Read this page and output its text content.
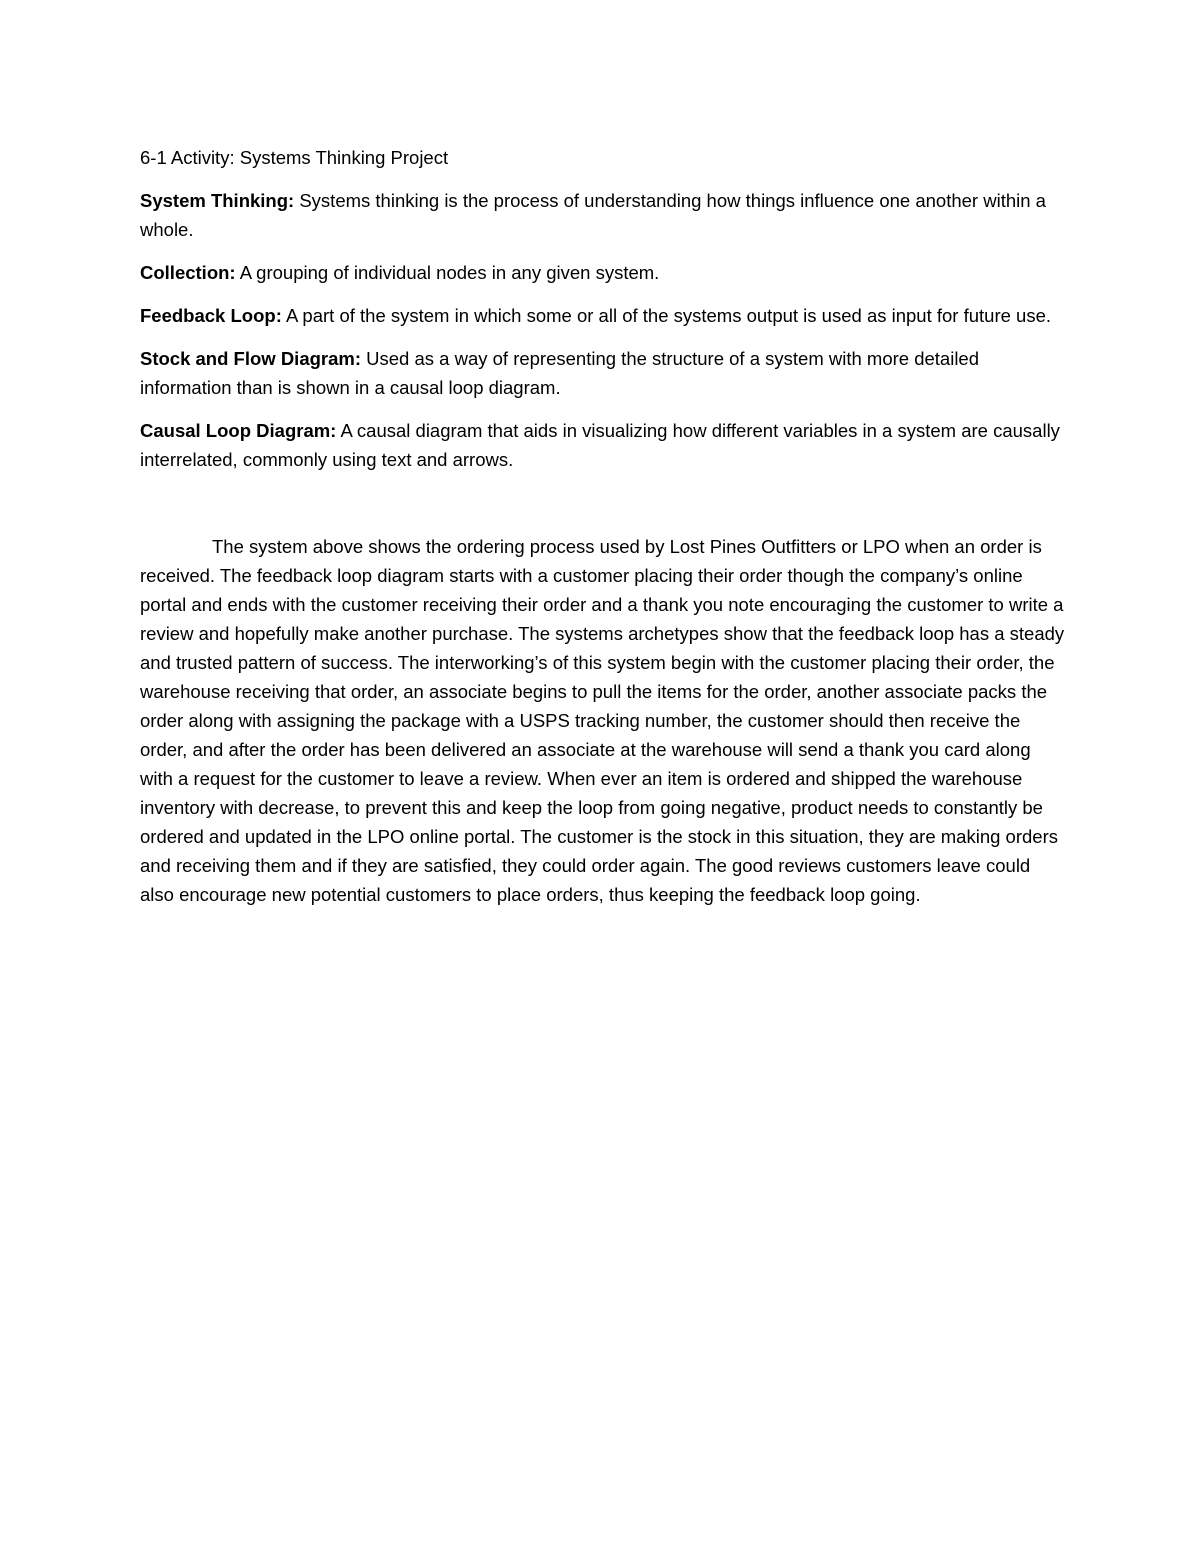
6-1 Activity: Systems Thinking Project

System Thinking: Systems thinking is the process of understanding how things influence one another within a whole.

Collection: A grouping of individual nodes in any given system.

Feedback Loop: A part of the system in which some or all of the systems output is used as input for future use.

Stock and Flow Diagram: Used as a way of representing the structure of a system with more detailed information than is shown in a causal loop diagram.

Causal Loop Diagram: A causal diagram that aids in visualizing how different variables in a system are causally interrelated, commonly using text and arrows.

The system above shows the ordering process used by Lost Pines Outfitters or LPO when an order is received. The feedback loop diagram starts with a customer placing their order though the company’s online portal and ends with the customer receiving their order and a thank you note encouraging the customer to write a review and hopefully make another purchase. The systems archetypes show that the feedback loop has a steady and trusted pattern of success. The interworking’s of this system begin with the customer placing their order, the warehouse receiving that order, an associate begins to pull the items for the order, another associate packs the order along with assigning the package with a USPS tracking number, the customer should then receive the order, and after the order has been delivered an associate at the warehouse will send a thank you card along with a request for the customer to leave a review. When ever an item is ordered and shipped the warehouse inventory with decrease, to prevent this and keep the loop from going negative, product needs to constantly be ordered and updated in the LPO online portal. The customer is the stock in this situation, they are making orders and receiving them and if they are satisfied, they could order again. The good reviews customers leave could also encourage new potential customers to place orders, thus keeping the feedback loop going.
